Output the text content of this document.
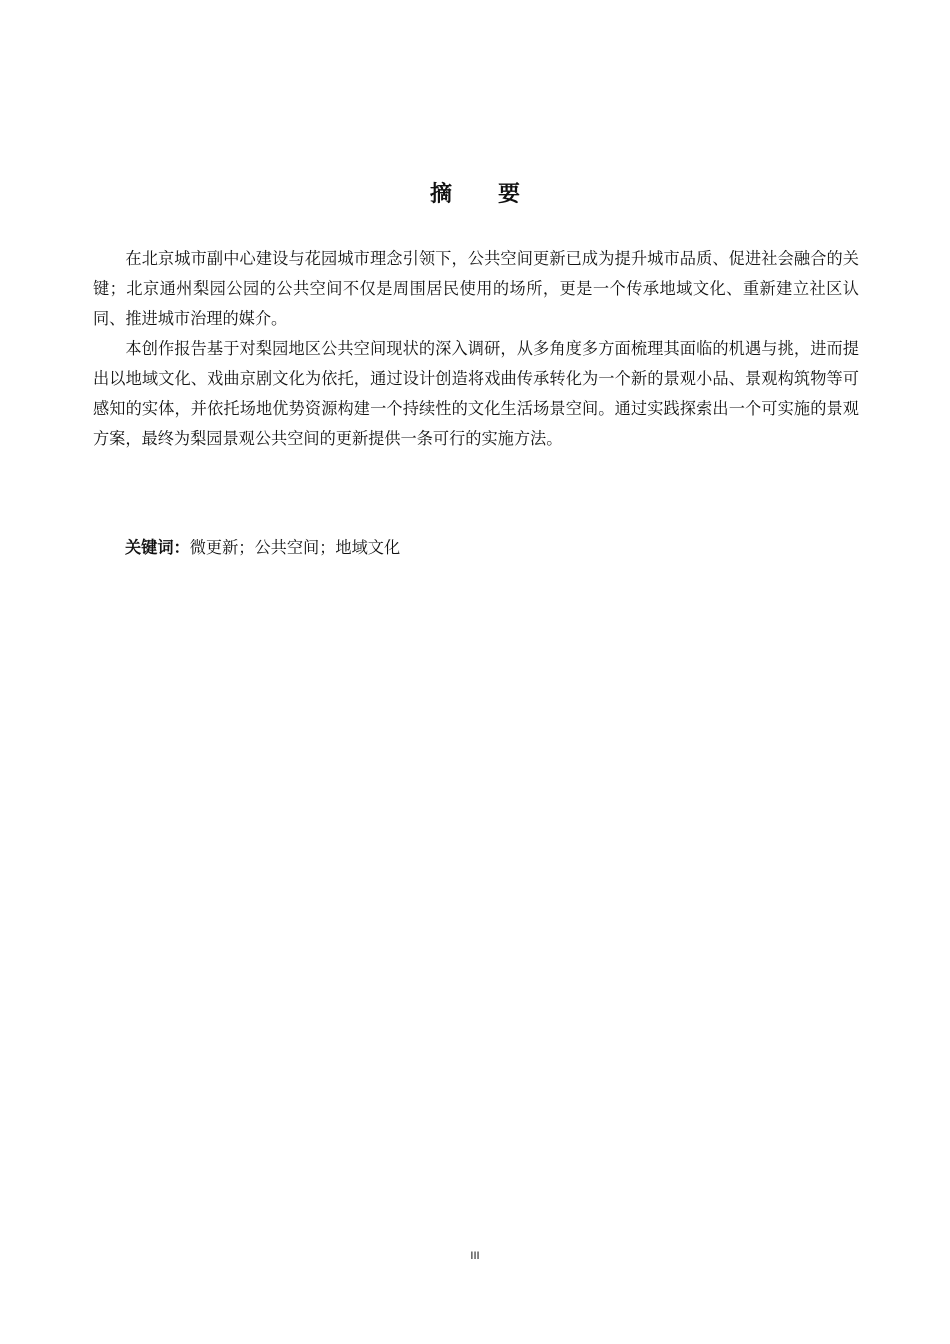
摘 要

在北京城市副中心建设与花园城市理念引领下，公共空间更新已成为提升城市品质、促进社会融合的关键；北京通州梨园公园的公共空间不仅是周围居民使用的场所，更是一个传承地域文化、重新建立社区认同、推进城市治理的媒介。

本创作报告基于对梨园地区公共空间现状的深入调研，从多角度多方面梳理其面临的机遇与挑，进而提出以地域文化、戏曲京剧文化为依托，通过设计创造将戏曲传承转化为一个新的景观小品、景观构筑物等可感知的实体，并依托场地优势资源构建一个持续性的文化生活场景空间。通过实践探索出一个可实施的景观方案，最终为梨园景观公共空间的更新提供一条可行的实施方法。

关键词：微更新；公共空间；地域文化
III
